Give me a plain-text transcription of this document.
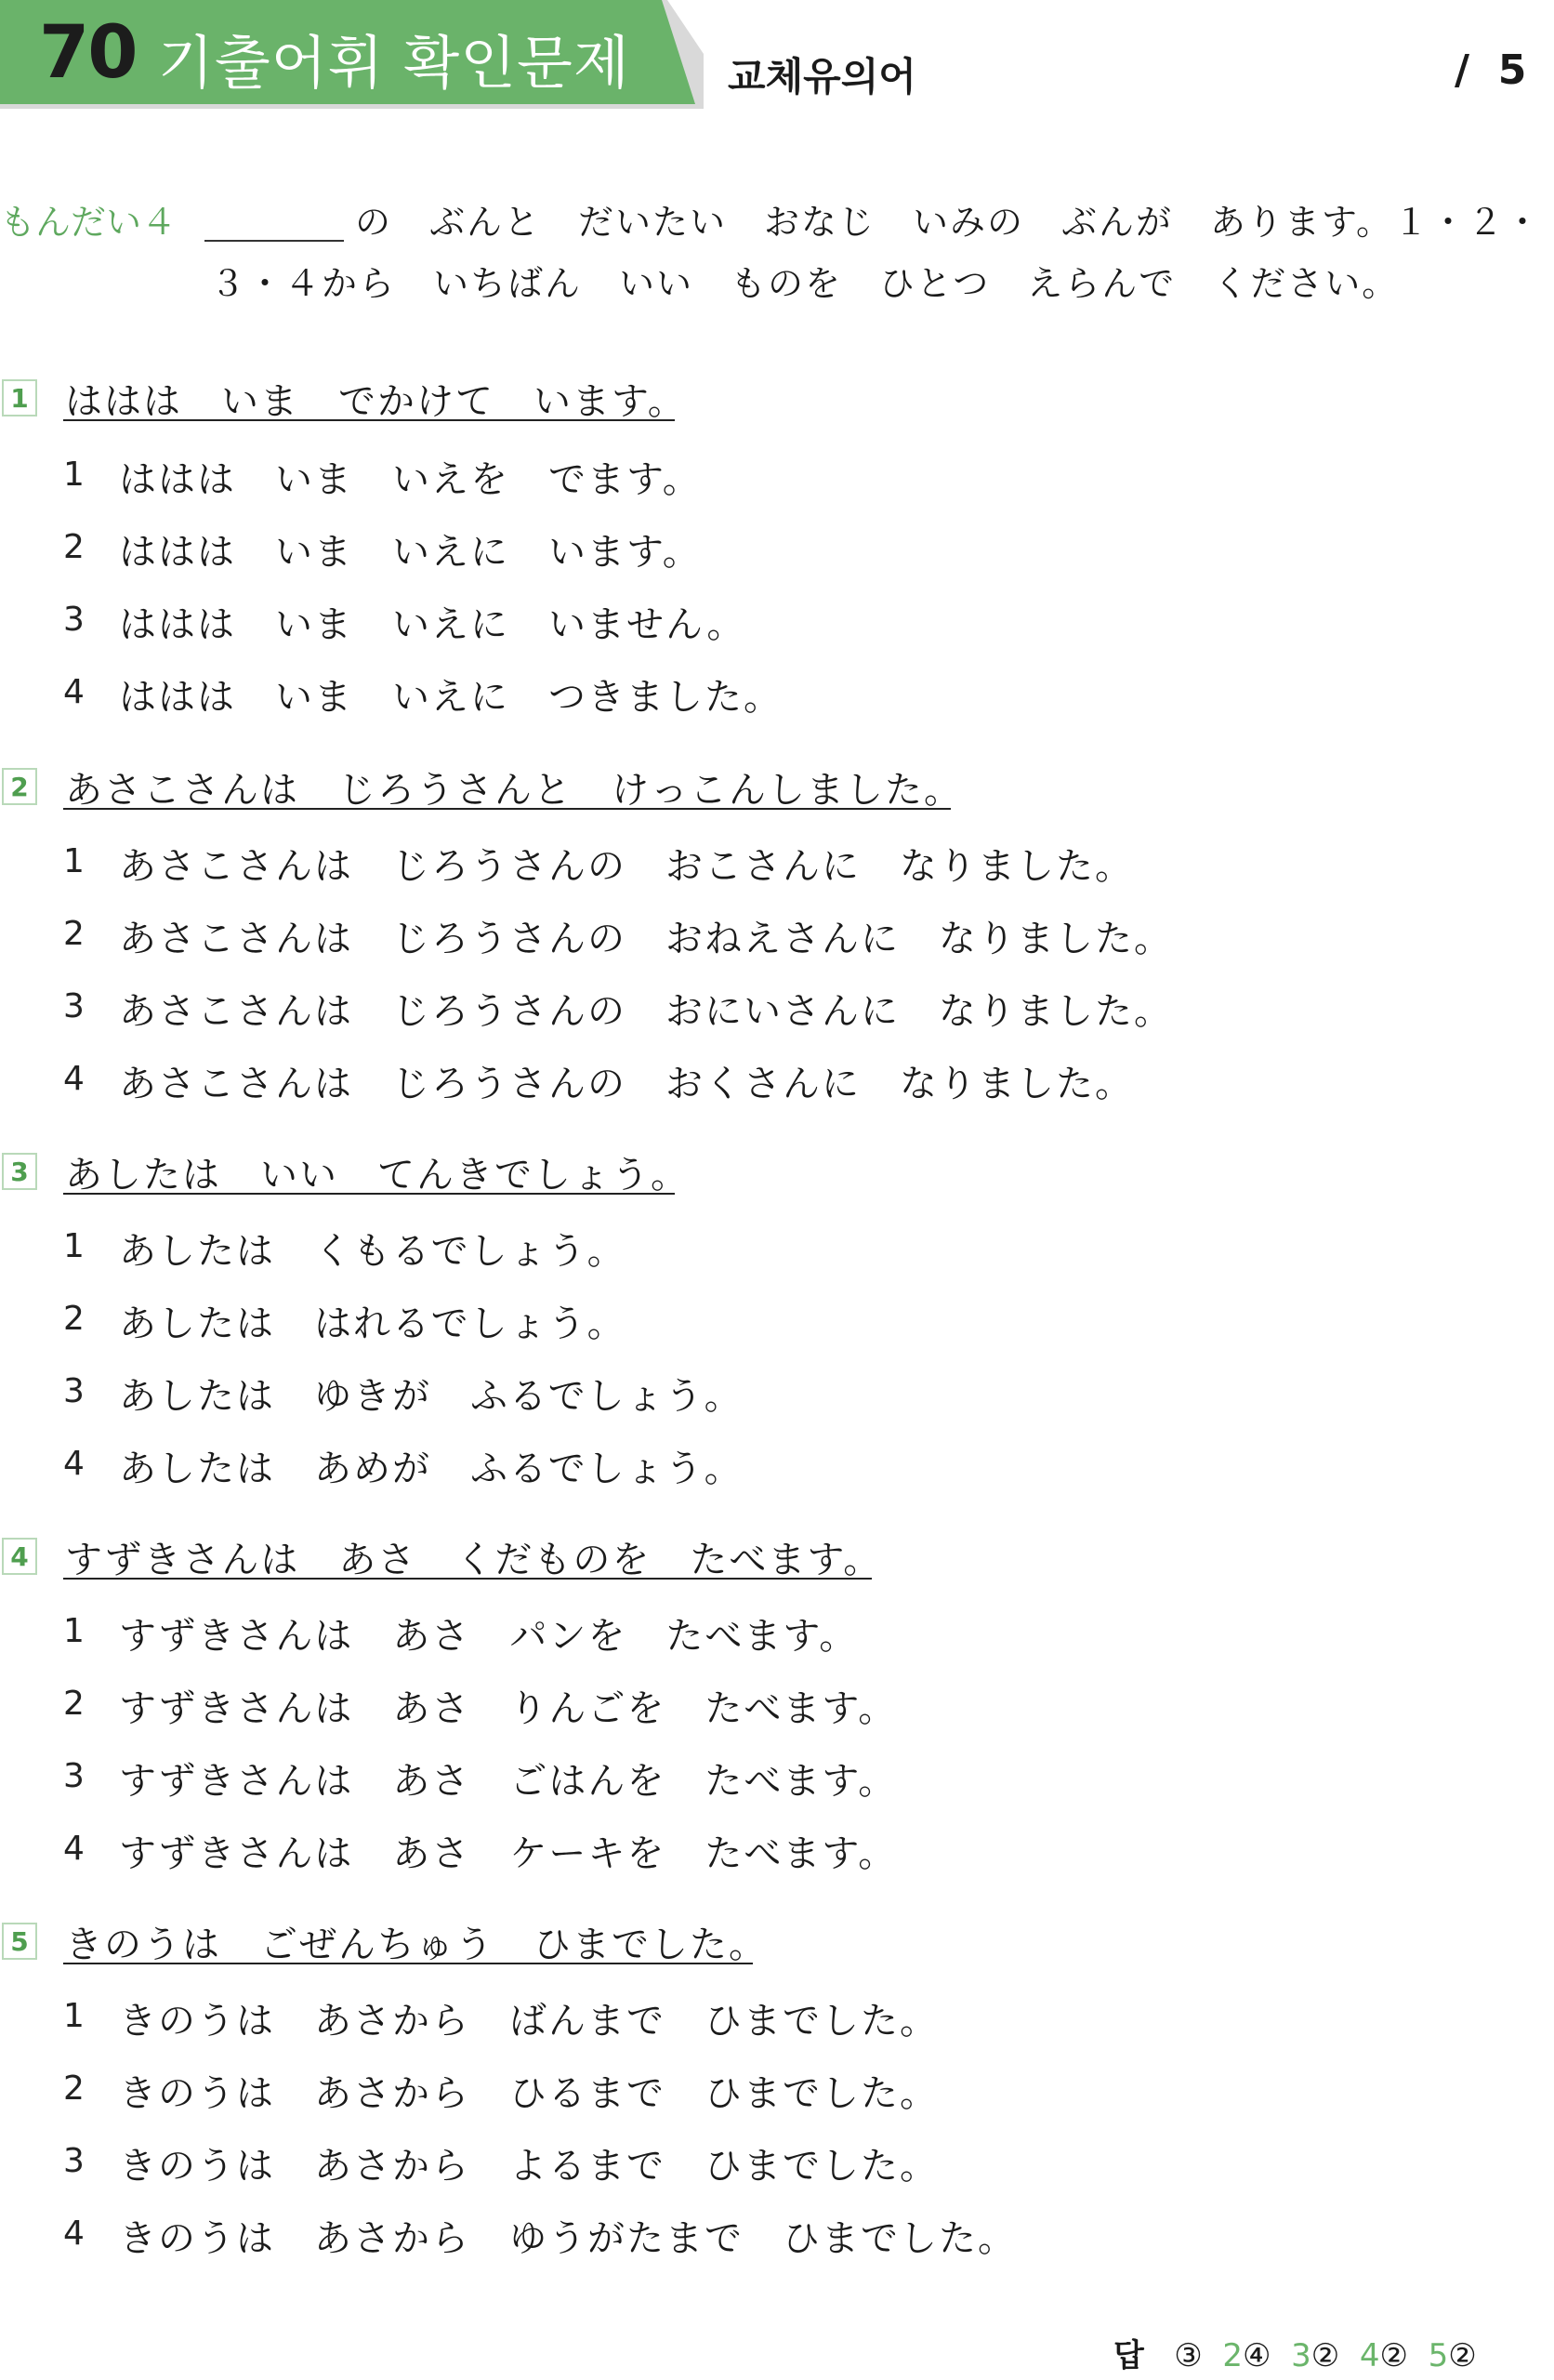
70 기출어휘 확인문제	교체유의어	/  5
もんだい４	の　ぶんと　だいたい　おなじ　いみの　ぶんが　あります。１・２・
３・４から　いちばん　いい　ものを　ひとつ　えらんで　ください。
1 ははは　いま　でかけて　います。
1 ははは　いま　いえを　でます。
2 ははは　いま　いえに　います。
3 ははは　いま　いえに　いません。
4 ははは　いま　いえに　つきました。
2 あさこさんは　じろうさんと　けっこんしました。
1 あさこさんは　じろうさんの　おこさんに　なりました。
2 あさこさんは　じろうさんの　おねえさんに　なりました。
3 あさこさんは　じろうさんの　おにいさんに　なりました。
4 あさこさんは　じろうさんの　おくさんに　なりました。
3 あしたは　いい　てんきでしょう。
1 あしたは　くもるでしょう。
2 あしたは　はれるでしょう。
3 あしたは　ゆきが　ふるでしょう。
4 あしたは　あめが　ふるでしょう。
4 すずきさんは　あさ　くだものを　たべます。
1 すずきさんは　あさ　パンを　たべます。
2 すずきさんは　あさ　りんごを　たべます。
3 すずきさんは　あさ　ごはんを　たべます。
4 すずきさんは　あさ　ケーキを　たべます。
5 きのうは　ごぜんちゅう　ひまでした。
1 きのうは　あさから　ばんまで　ひまでした。
2 きのうは　あさから　ひるまで　ひまでした。
3 きのうは　あさから　よるまで　ひまでした。
4 きのうは　あさから　ゆうがたまで　ひまでした。
답 ③ 2④ 3② 4② 5②
